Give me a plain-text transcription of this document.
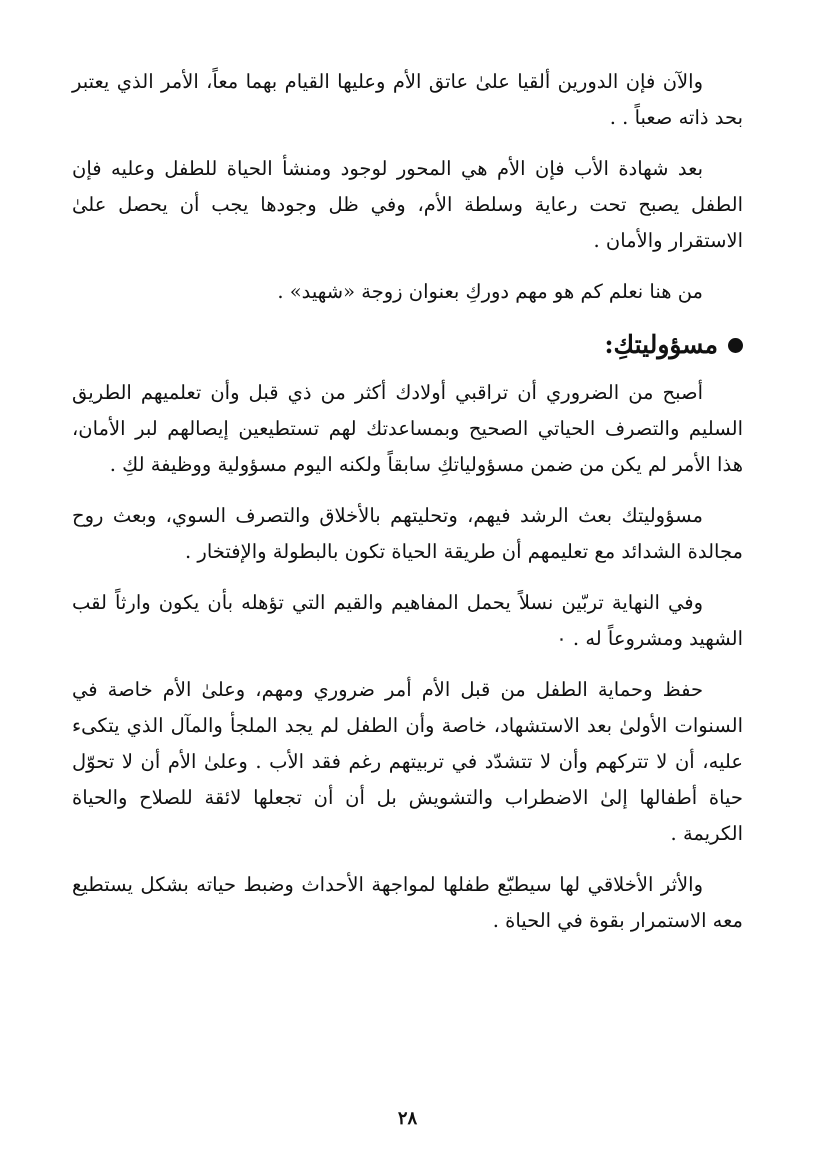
والآن فإن الدورين ألقيا علىٰ عاتق الأم وعليها القيام بهما معاً، الأمر الذي يعتبر بحد ذاته صعباً . .

بعد شهادة الأب فإن الأم هي المحور لوجود ومنشأ الحياة للطفل وعليه فإن الطفل يصبح تحت رعاية وسلطة الأم، وفي ظل وجودها يجب أن يحصل علىٰ الاستقرار والأمان .

من هنا نعلم كم هو مهم دوركِ بعنوان زوجة «شهيد» .

مسؤوليتكِ:

أصبح من الضروري أن تراقبي أولادك أكثر من ذي قبل وأن تعلميهم الطريق السليم والتصرف الحياتي الصحيح وبمساعدتك لهم تستطيعين إيصالهم لبر الأمان، هذا الأمر لم يكن من ضمن مسؤولياتكِ سابقاً ولكنه اليوم مسؤولية ووظيفة لكِ .

مسؤوليتك بعث الرشد فيهم، وتحليتهم بالأخلاق والتصرف السوي، وبعث روح مجالدة الشدائد مع تعليمهم أن طريقة الحياة تكون بالبطولة والإفتخار .

وفي النهاية تربّين نسلاً يحمل المفاهيم والقيم التي تؤهله بأن يكون وارثاً لقب الشهيد ومشروعاً له . ٠

حفظ وحماية الطفل من قبل الأم أمر ضروري ومهم، وعلىٰ الأم خاصة في السنوات الأولىٰ بعد الاستشهاد، خاصة وأن الطفل لم يجد الملجأ والمآل الذي يتكىء عليه، أن لا تتركهم وأن لا تتشدّد في تربيتهم رغم فقد الأب . وعلىٰ الأم أن لا تحوّل حياة أطفالها إلىٰ الاضطراب والتشويش بل أن أن تجعلها لائقة للصلاح والحياة الكريمة .

والأثر الأخلاقي لها سيطبّع طفلها لمواجهة الأحداث وضبط حياته بشكل يستطيع معه الاستمرار بقوة في الحياة .

٢٨
